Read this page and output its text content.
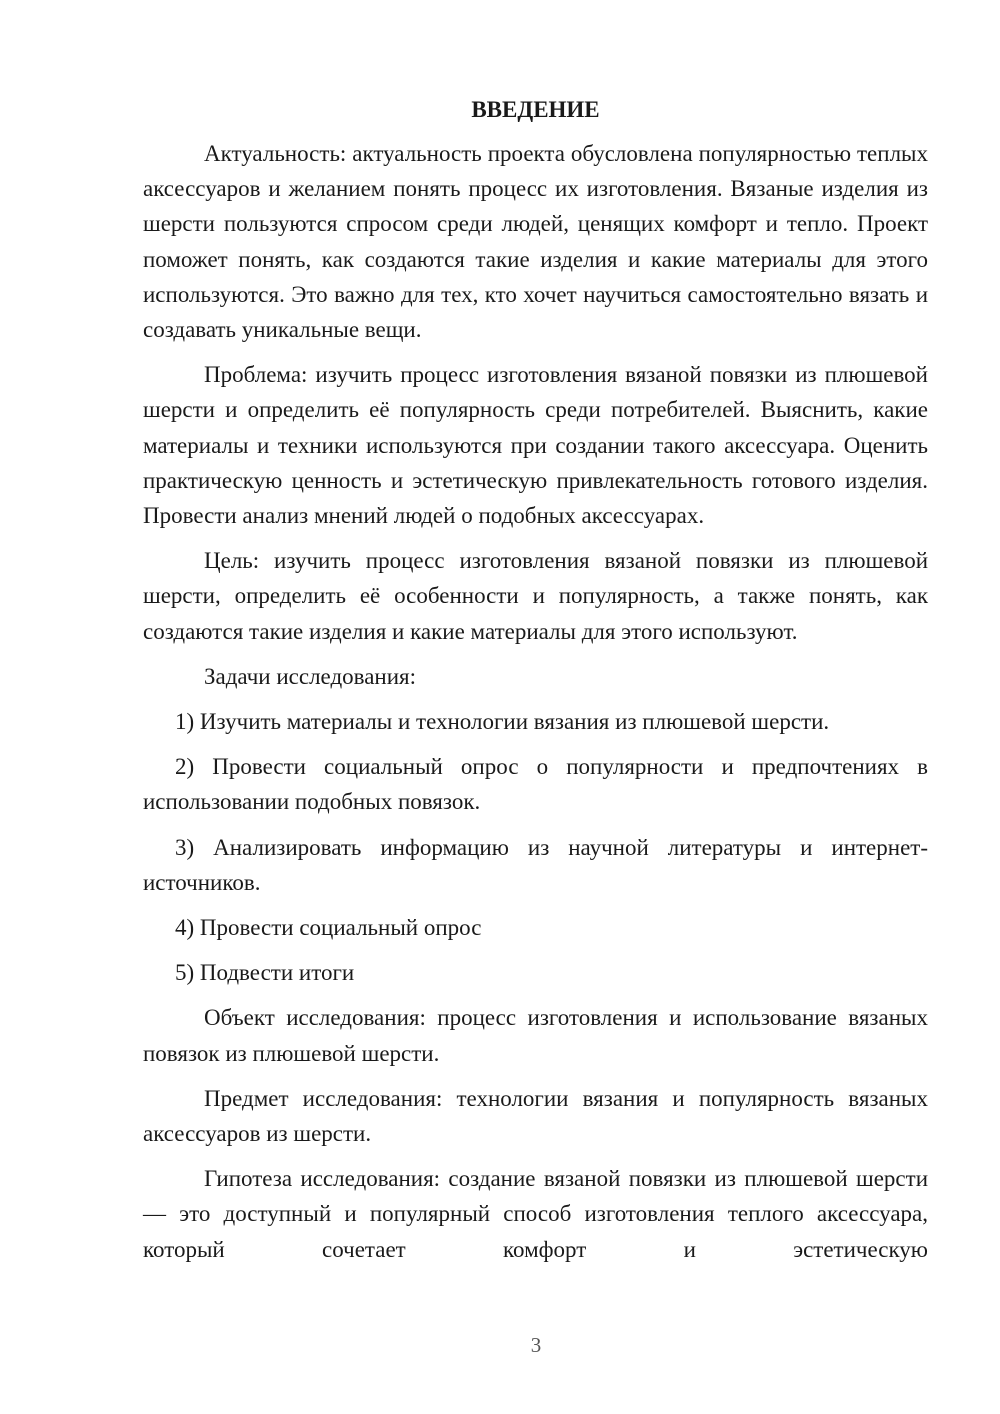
ВВЕДЕНИЕ

Актуальность: актуальность проекта обусловлена популярностью теплых аксессуаров и желанием понять процесс их изготовления. Вязаные изделия из шерсти пользуются спросом среди людей, ценящих комфорт и тепло. Проект поможет понять, как создаются такие изделия и какие материалы для этого используются. Это важно для тех, кто хочет научиться самостоятельно вязать и создавать уникальные вещи.

Проблема: изучить процесс изготовления вязаной повязки из плюшевой шерсти и определить её популярность среди потребителей. Выяснить, какие материалы и техники используются при создании такого аксессуара. Оценить практическую ценность и эстетическую привлекательность готового изделия. Провести анализ мнений людей о подобных аксессуарах.

Цель: изучить процесс изготовления вязаной повязки из плюшевой шерсти, определить её особенности и популярность, а также понять, как создаются такие изделия и какие материалы для этого используют.

Задачи исследования:

1) Изучить материалы и технологии вязания из плюшевой шерсти.

2) Провести социальный опрос о популярности и предпочтениях в использовании подобных повязок.

3) Анализировать информацию из научной литературы и интернет-источников.

4) Провести социальный опрос

5) Подвести итоги

Объект исследования: процесс изготовления и использование вязаных повязок из плюшевой шерсти.

Предмет исследования: технологии вязания и популярность вязаных аксессуаров из шерсти.

Гипотеза исследования: создание вязаной повязки из плюшевой шерсти — это доступный и популярный способ изготовления теплого аксессуара, который сочетает комфорт и эстетическую

3
